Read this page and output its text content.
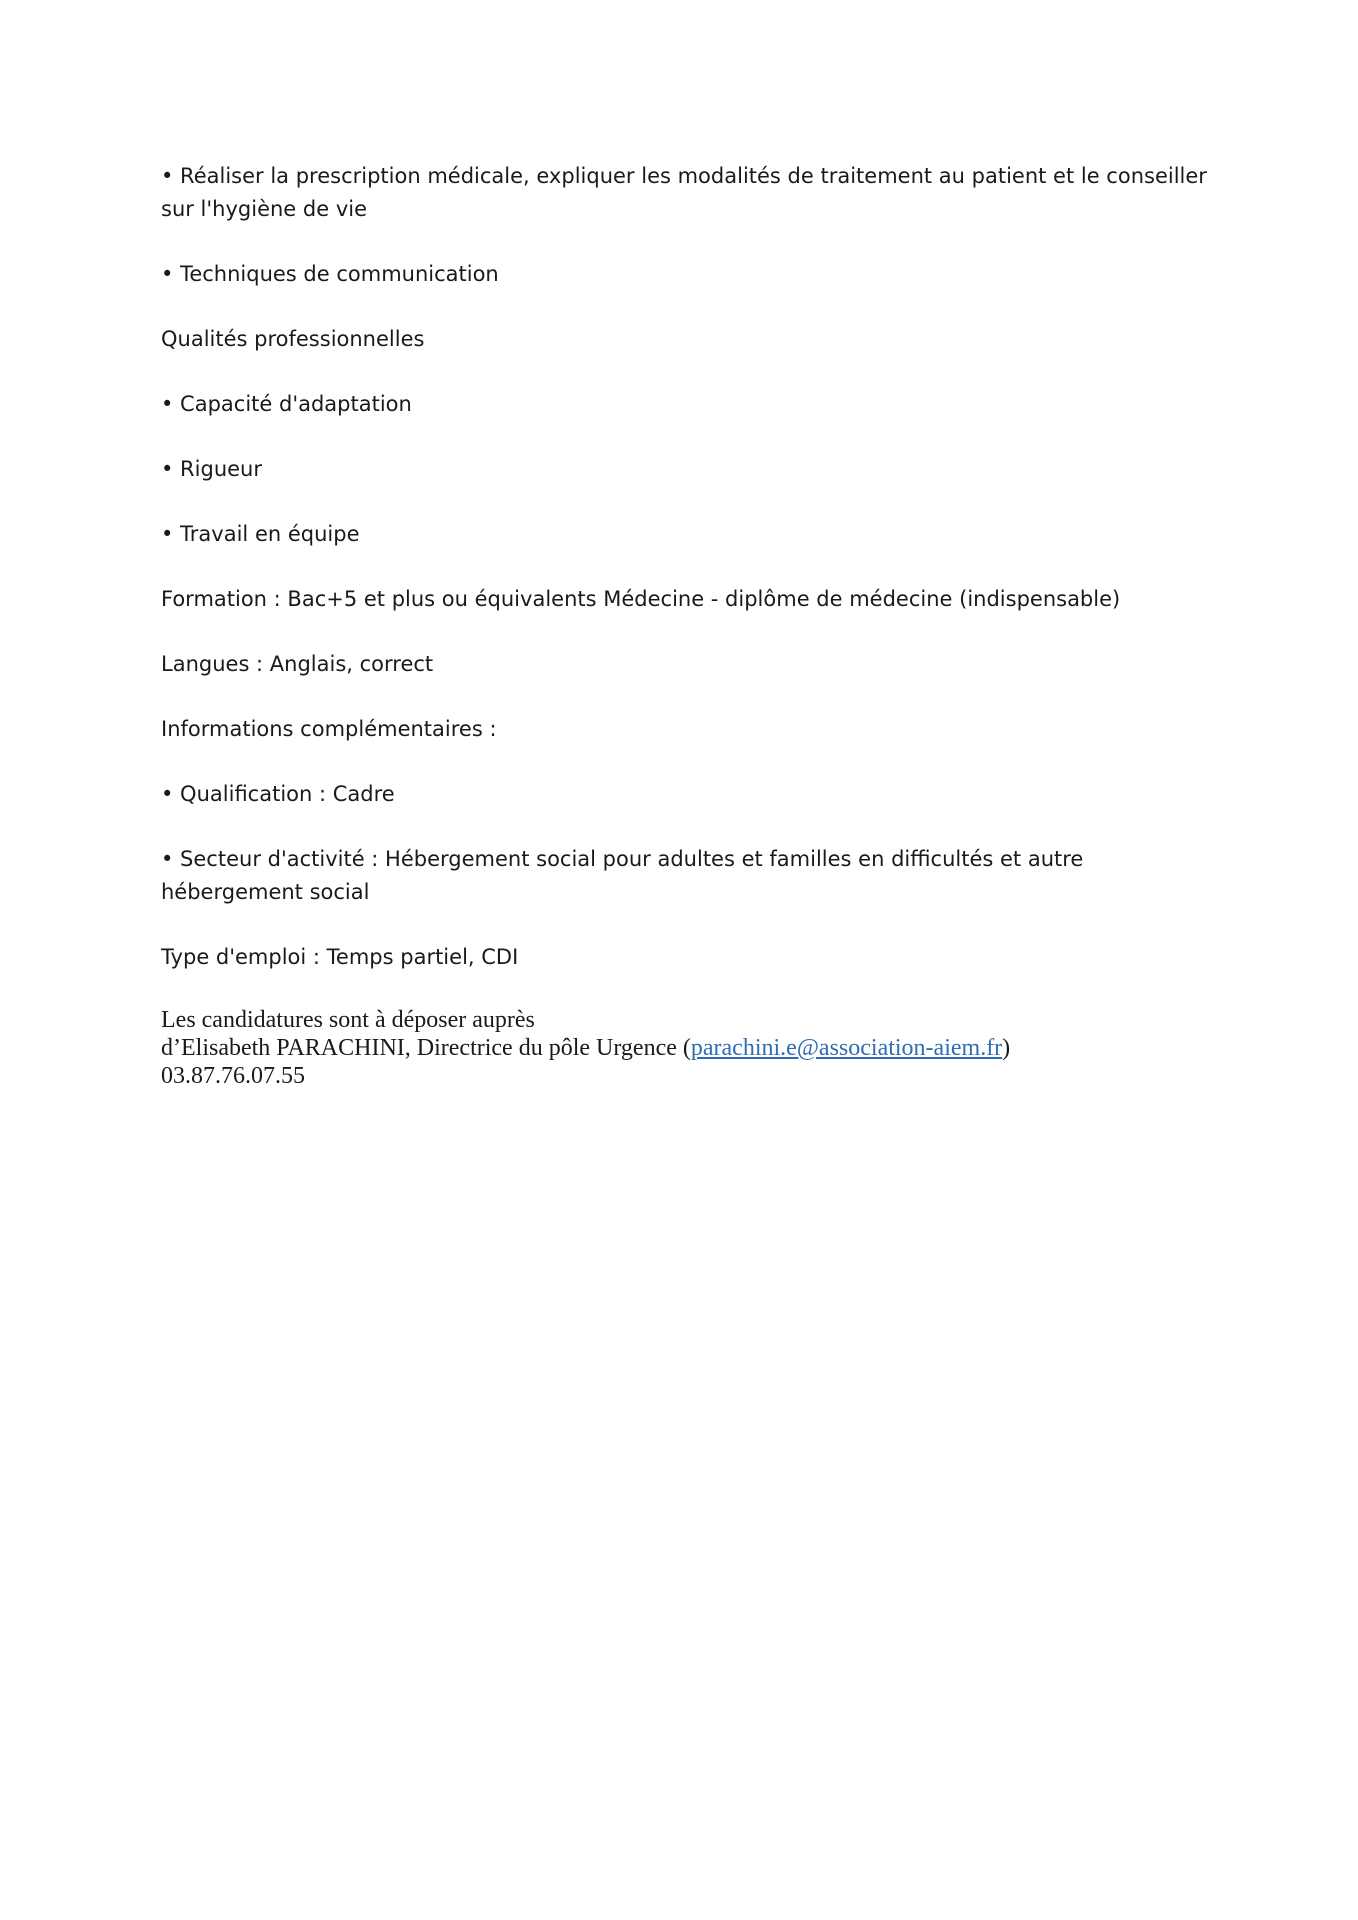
• Réaliser la prescription médicale, expliquer les modalités de traitement au patient et le conseiller sur l'hygiène de vie

• Techniques de communication

Qualités professionnelles

• Capacité d'adaptation

• Rigueur

• Travail en équipe

Formation : Bac+5 et plus ou équivalents Médecine - diplôme de médecine (indispensable)

Langues : Anglais, correct

Informations complémentaires :

• Qualification : Cadre

• Secteur d'activité : Hébergement social pour adultes et familles en difficultés et autre hébergement social

Type d'emploi : Temps partiel, CDI

Les candidatures sont à déposer auprès
d’Elisabeth PARACHINI, Directrice du pôle Urgence (parachini.e@association-aiem.fr)
03.87.76.07.55
